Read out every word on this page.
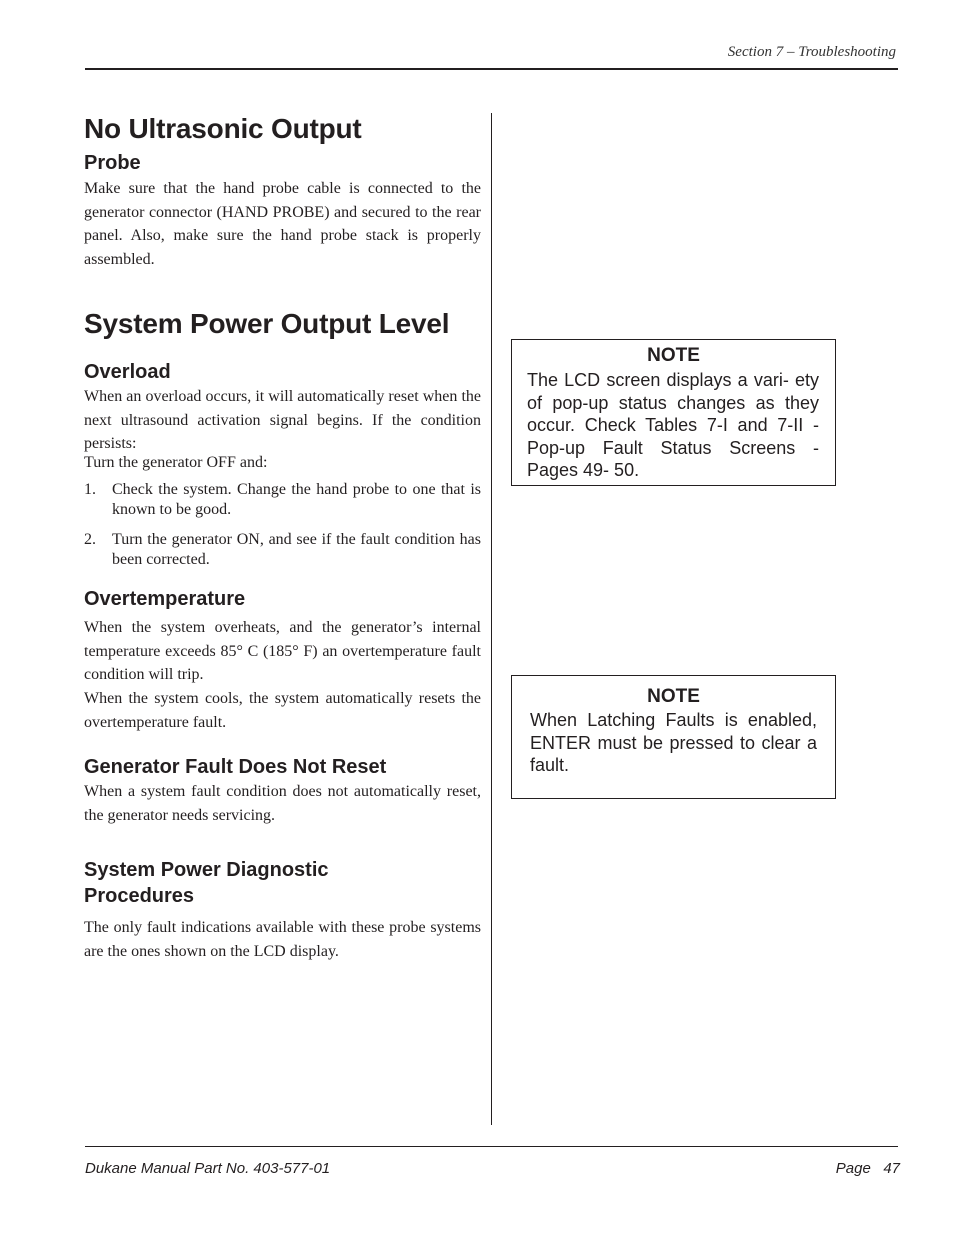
Section 7 – Troubleshooting
No Ultrasonic Output
Probe

Make sure that the hand probe cable is connected to the generator connector (HAND PROBE) and secured to the rear panel. Also, make sure the hand probe stack is properly assembled.

System Power Output Level
Overload

When an overload occurs, it will automatically reset when the next ultrasound activation signal begins. If the condition persists:

Turn the generator OFF and:

1.	Check the system. Change the hand probe to one that is known to be good.
2.	Turn the generator ON, and see if the fault condition has been corrected.
Overtemperature

When the system overheats, and the generator’s internal temperature exceeds 85° C (185° F) an overtemperature fault condition will trip.

When the system cools, the system automatically resets the overtemperature fault.

Generator Fault Does Not Reset

When a system fault condition does not automatically reset, the generator needs servicing.

System Power Diagnostic
Procedures

The only fault indications available with these probe systems are the ones shown on the LCD display.

NOTE
The LCD screen displays a vari- ety of pop-up status changes as they occur. Check Tables 7-I and 7-II - Pop-up Fault Status Screens - Pages 49- 50.
NOTE
When Latching Faults is enabled, ENTER must be pressed to clear a fault.
Dukane Manual Part No. 403-577-01	Page 47
